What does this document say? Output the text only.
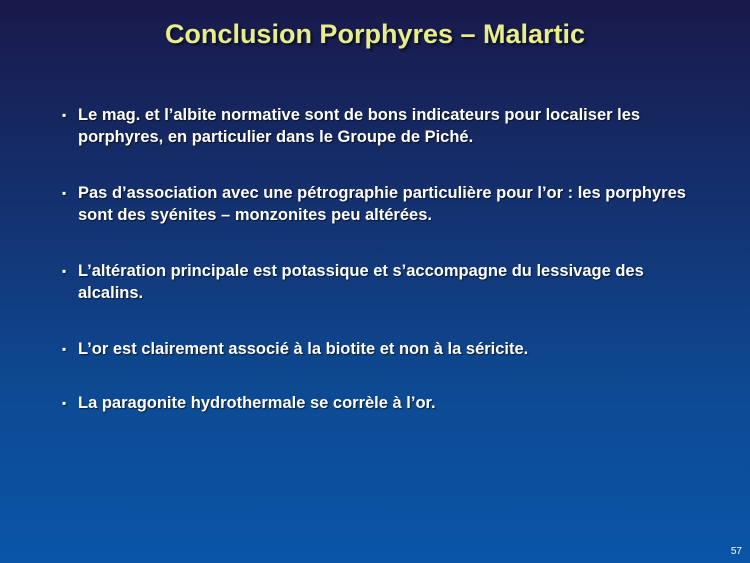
Conclusion Porphyres – Malartic
▪ Le mag. et l’albite normative sont de bons indicateurs pour localiser les porphyres, en particulier dans le Groupe de Piché.
▪ Pas d’association avec une pétrographie particulière pour l’or : les porphyres sont des syénites – monzonites peu altérées.
▪ L’altération principale est potassique et s’accompagne du lessivage des alcalins.
▪ L’or est clairement associé à la biotite et non à la séricite.
▪ La paragonite hydrothermale se corrèle à l’or.
57
